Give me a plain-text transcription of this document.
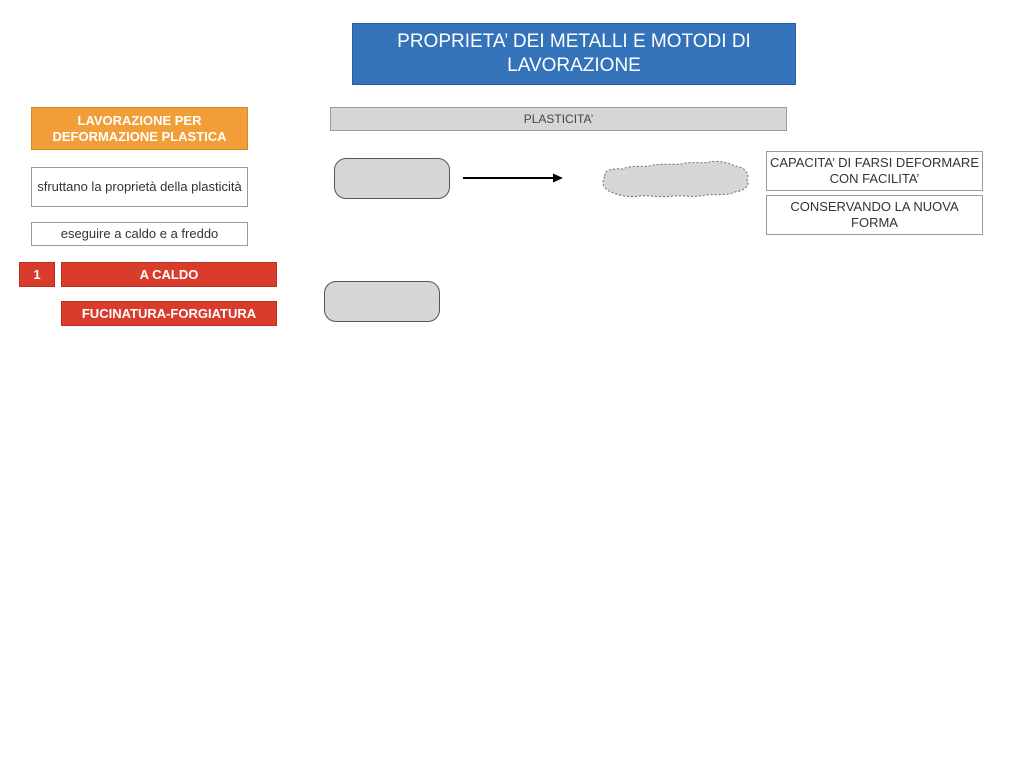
PROPRIETA’ DEI METALLI E MOTODI DI LAVORAZIONE
LAVORAZIONE PER DEFORMAZIONE PLASTICA
sfruttano la proprietà della plasticità
eseguire a caldo e a freddo
1	A CALDO
FUCINATURA-FORGIATURA
PLASTICITA’
CAPACITA’ DI FARSI DEFORMARE CON FACILITA’
CONSERVANDO LA NUOVA FORMA
